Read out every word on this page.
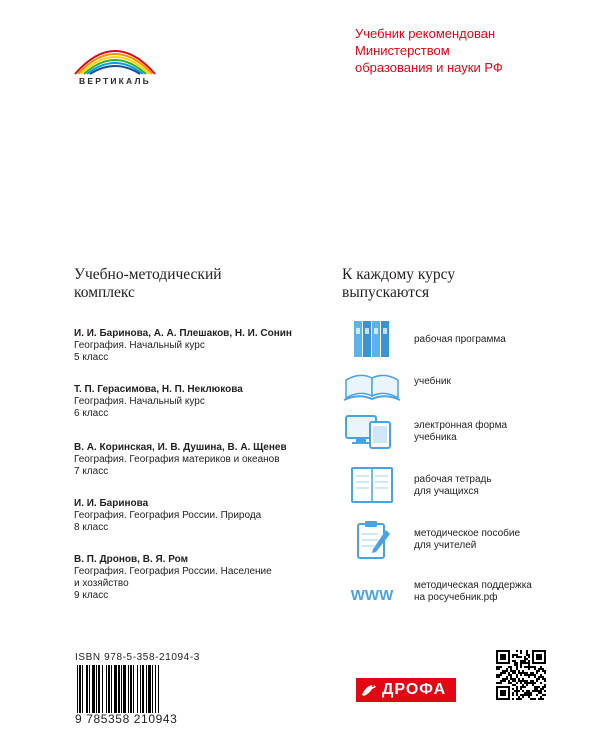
ВЕРТИКАЛЬ
Учебник рекомендован
Министерством
образования и науки РФ
Учебно-методический
комплекс
И. И. Баринова, А. А. Плешаков, Н. И. Сонин
География. Начальный курс
5 класс
Т. П. Герасимова, Н. П. Неклюкова
География. Начальный курс
6 класс
В. А. Коринская, И. В. Душина, В. А. Щенев
География. География материков и океанов
7 класс
И. И. Баринова
География. География России. Природа
8 класс
В. П. Дронов, В. Я. Ром
География. География России. Население
и хозяйство
9 класс
К каждому курсу
выпускаются
рабочая программа
учебник
электронная форма
учебника
рабочая тетрадь
для учащихся
методическое пособие
для учителей
WWW
методическая поддержка
на росучебник.рф
ISBN 978-5-358-21094-3
9 785358 210943
ДРОФА
